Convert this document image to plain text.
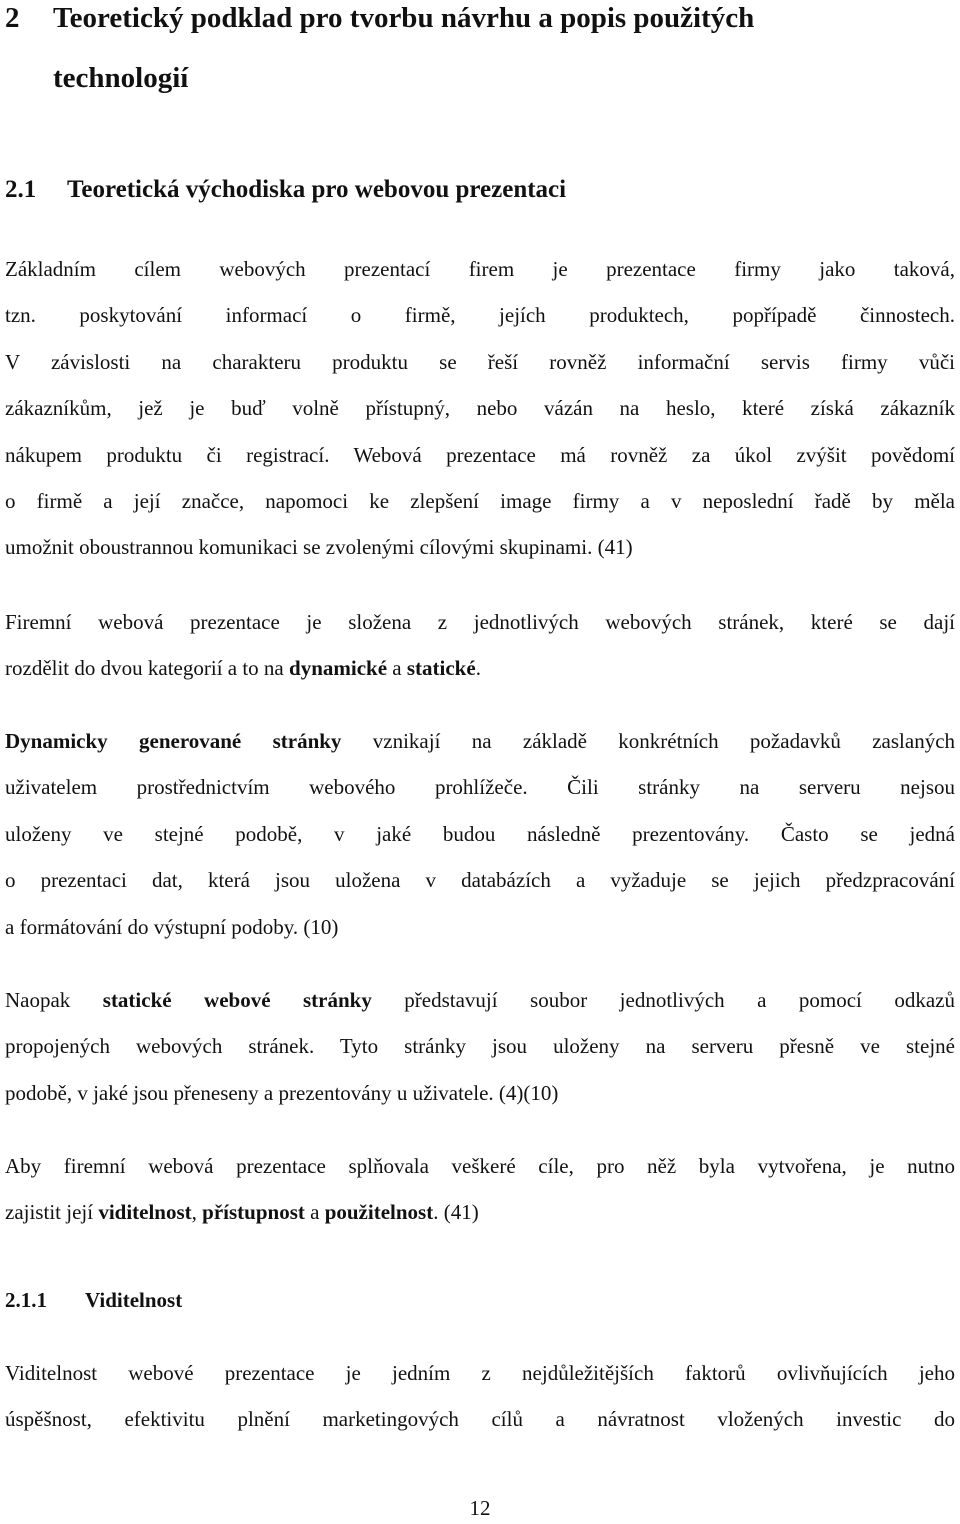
2 Teoretický podklad pro tvorbu návrhu a popis použitých
technologií
2.1 Teoretická východiska pro webovou prezentaci
Základním cílem webových prezentací firem je prezentace firmy jako taková,
tzn. poskytování informací o firmě, jejích produktech, popřípadě činnostech.
V závislosti na charakteru produktu se řeší rovněž informační servis firmy vůči
zákazníkům, jež je buď volně přístupný, nebo vázán na heslo, které získá zákazník
nákupem produktu či registrací. Webová prezentace má rovněž za úkol zvýšit povědomí
o firmě a její značce, napomoci ke zlepšení image firmy a v neposlední řadě by měla
umožnit oboustrannou komunikaci se zvolenými cílovými skupinami. (41)
Firemní webová prezentace je složena z jednotlivých webových stránek, které se dají
rozdělit do dvou kategorií a to na dynamické a statické.
Dynamicky generované stránky vznikají na základě konkrétních požadavků zaslaných
uživatelem prostřednictvím webového prohlížeče. Čili stránky na serveru nejsou
uloženy ve stejné podobě, v jaké budou následně prezentovány. Často se jedná
o prezentaci dat, která jsou uložena v databázích a vyžaduje se jejich předzpracování
a formátování do výstupní podoby. (10)
Naopak statické webové stránky představují soubor jednotlivých a pomocí odkazů
propojených webových stránek. Tyto stránky jsou uloženy na serveru přesně ve stejné
podobě, v jaké jsou přeneseny a prezentovány u uživatele. (4)(10)
Aby firemní webová prezentace splňovala veškeré cíle, pro něž byla vytvořena, je nutno
zajistit její viditelnost, přístupnost a použitelnost. (41)
2.1.1 Viditelnost
Viditelnost webové prezentace je jedním z nejdůležitějších faktorů ovlivňujících jeho
úspěšnost, efektivitu plnění marketingových cílů a návratnost vložených investic do
12
